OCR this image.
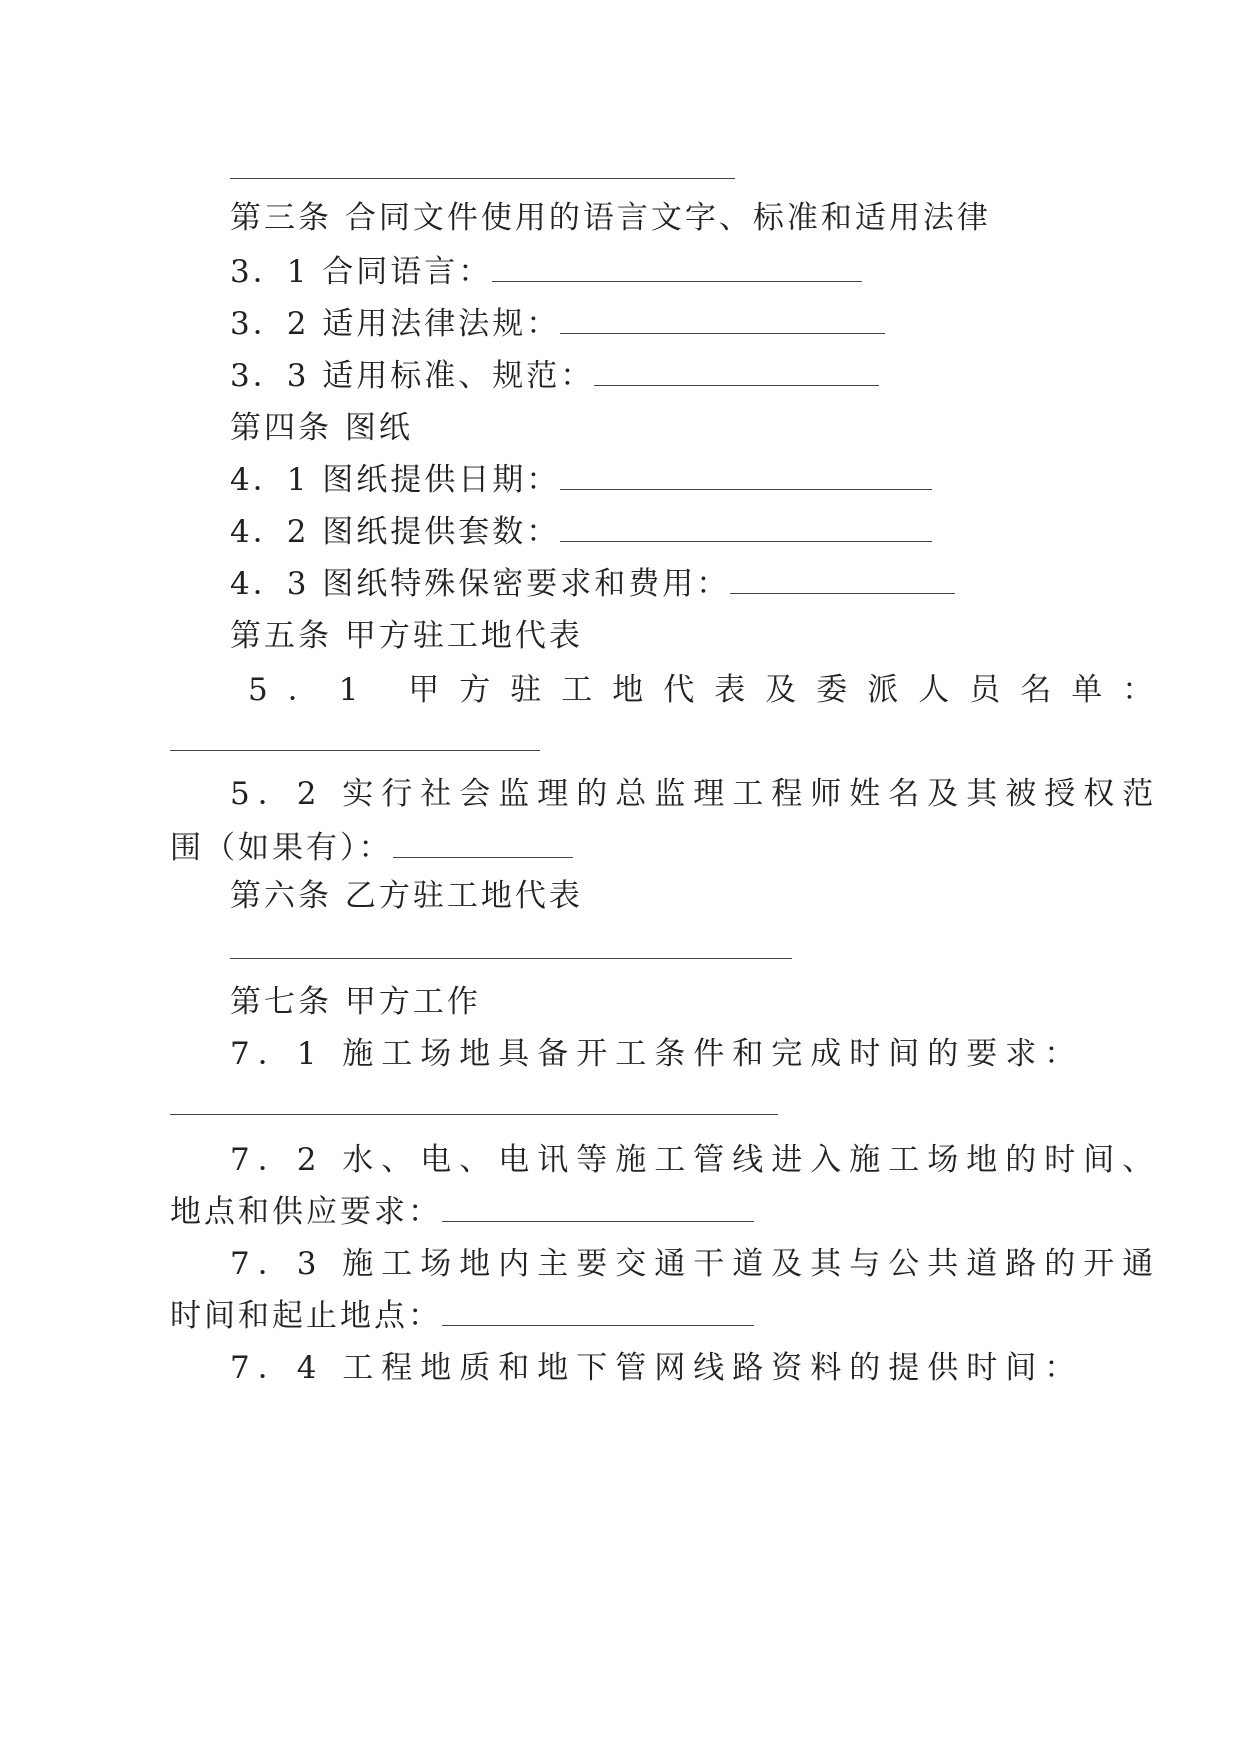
第三条 合同文件使用的语言文字、标准和适用法律
3．1 合同语言：
3．2 适用法律法规：
3．3 适用标准、规范：
第四条 图纸
4．1 图纸提供日期：
4．2 图纸提供套数：
4．3 图纸特殊保密要求和费用：
第五条 甲方驻工地代表
5．1 甲方驻工地代表及委派人员名单：
5．2 实行社会监理的总监理工程师姓名及其被授权范
围（如果有）：
第六条 乙方驻工地代表
第七条 甲方工作
7．1 施工场地具备开工条件和完成时间的要求：
7．2 水、电、电讯等施工管线进入施工场地的时间、
地点和供应要求：
7．3 施工场地内主要交通干道及其与公共道路的开通
时间和起止地点：
7．4 工程地质和地下管网线路资料的提供时间：
